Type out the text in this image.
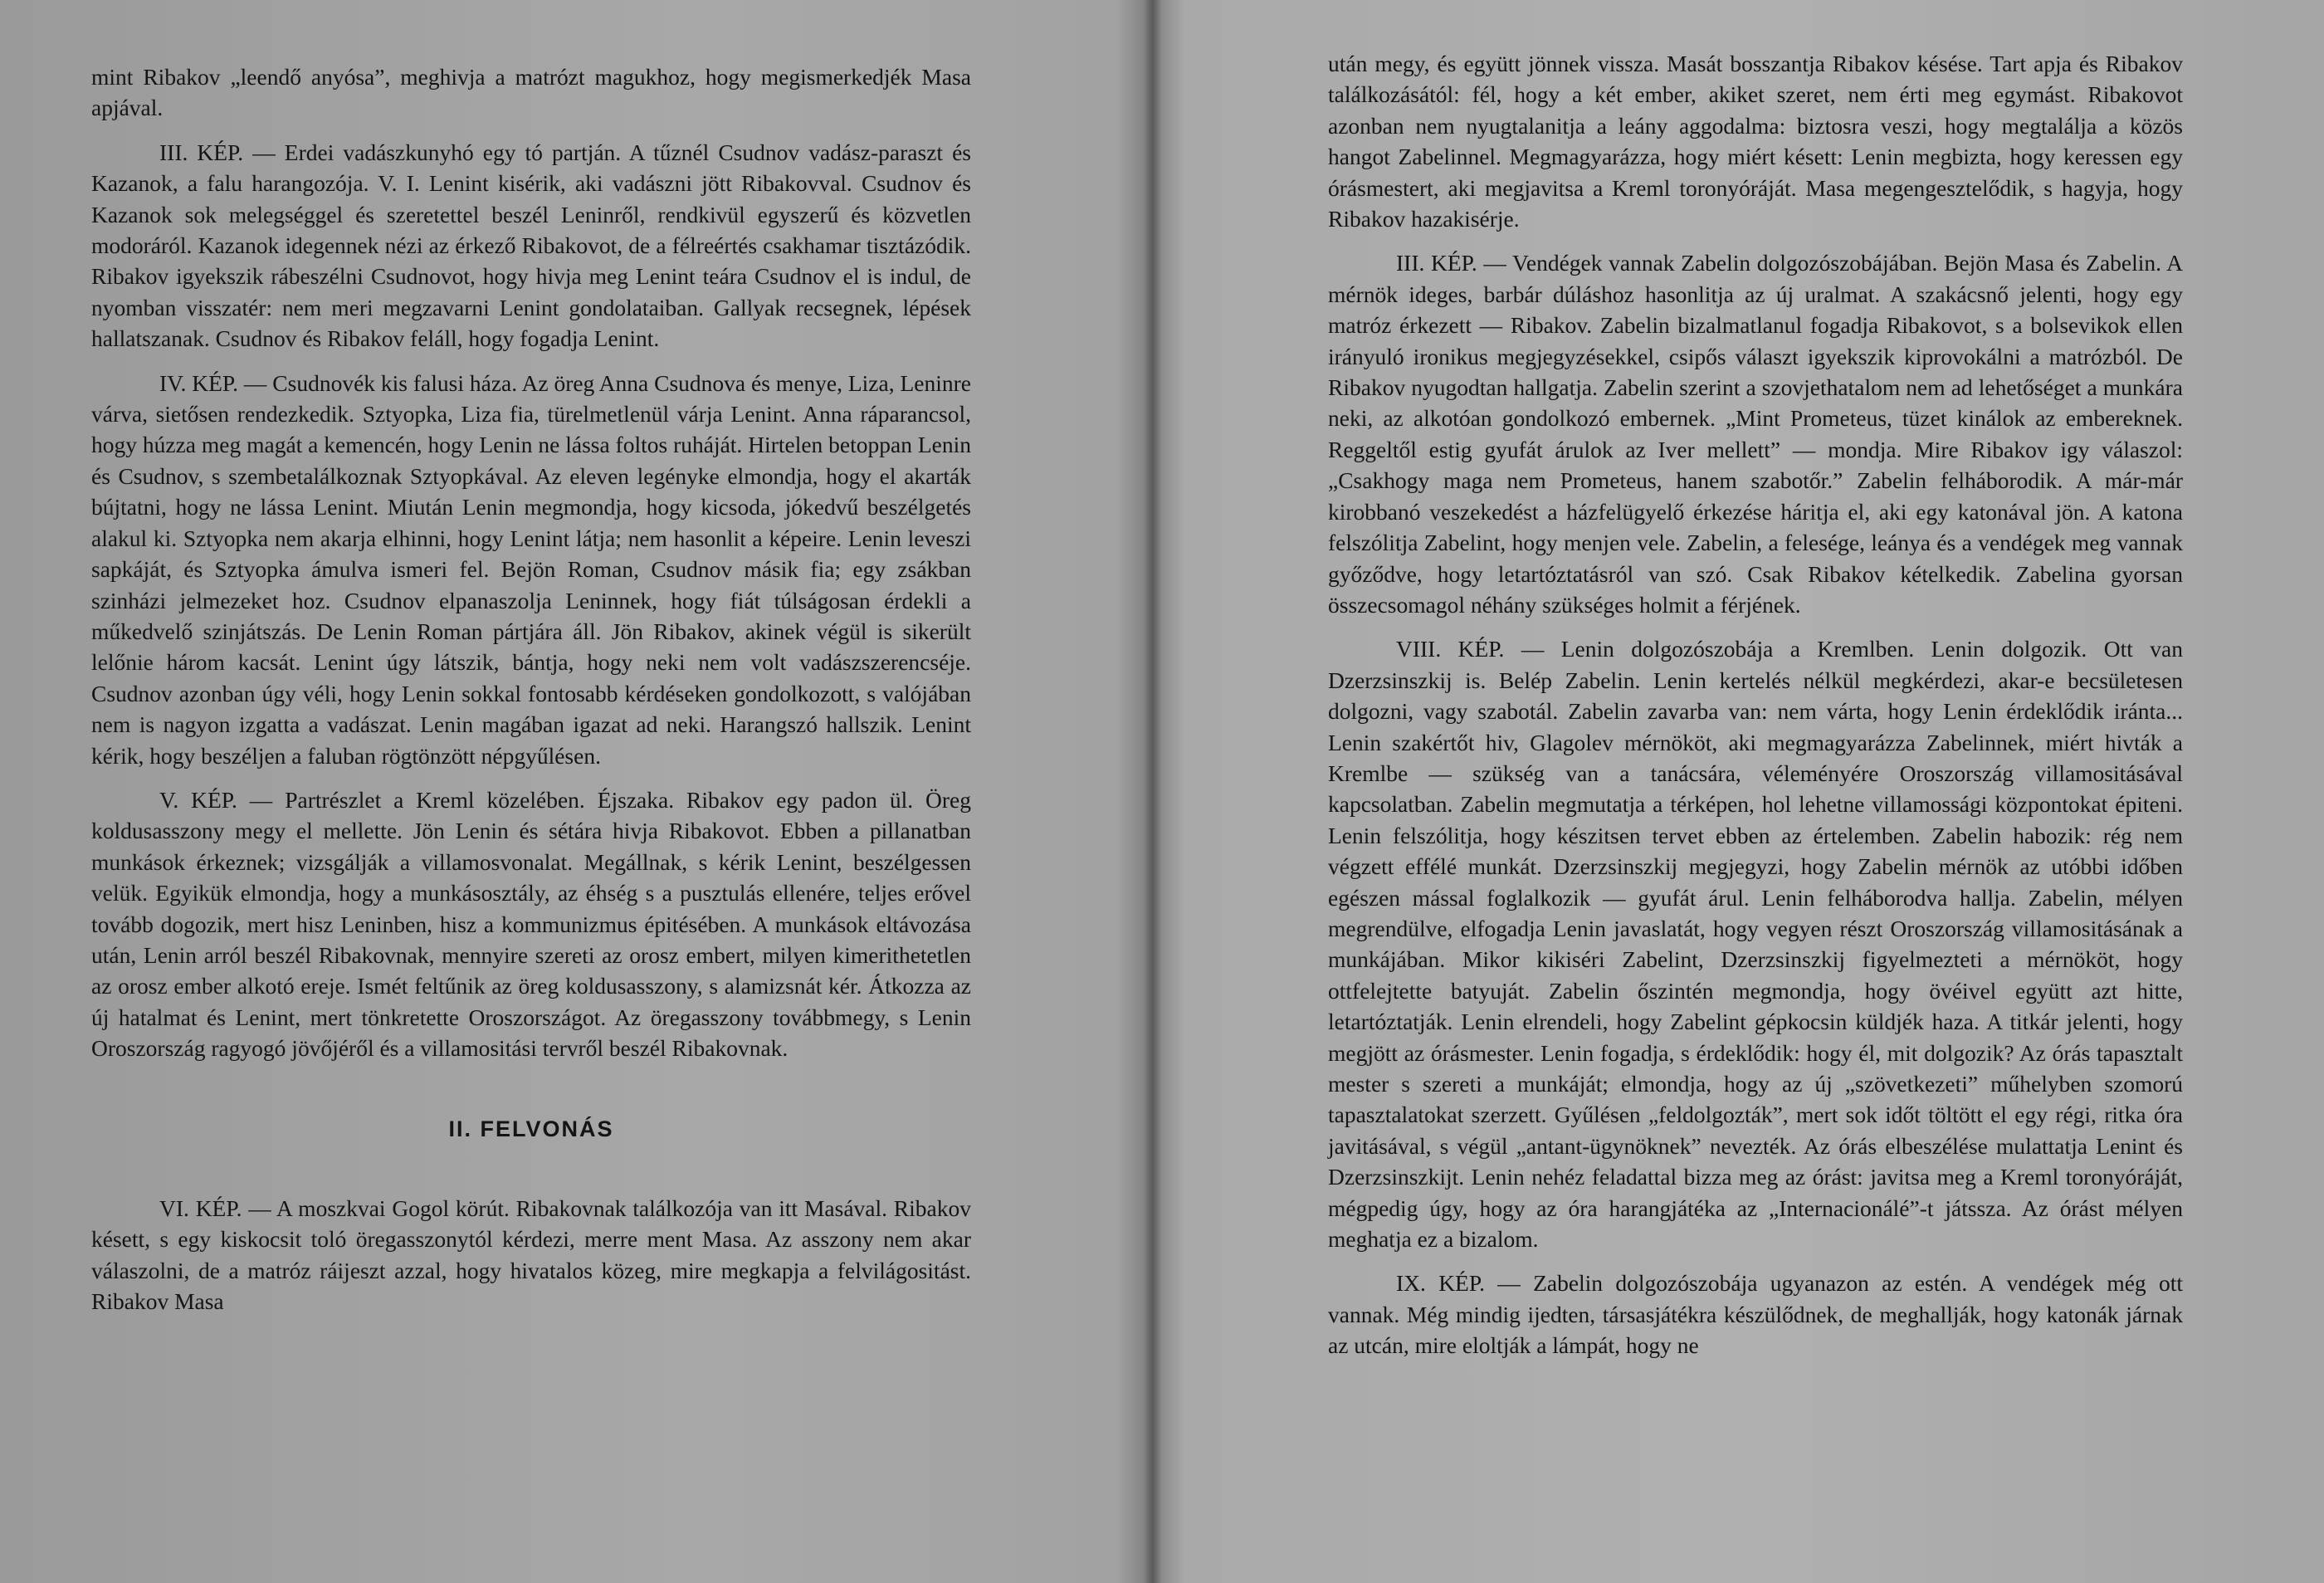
mint Ribakov „leendő anyósa”, meghivja a matrózt magukhoz, hogy megismerkedjék Masa apjával.

III. KÉP. — Erdei vadászkunyhó egy tó partján. A tűznél Csudnov vadász-paraszt és Kazanok, a falu harangozója. V. I. Lenint kisérik, aki vadászni jött Ribakovval. Csudnov és Kazanok sok melegséggel és szeretettel beszél Leninről, rendkivül egyszerű és közvetlen modoráról. Kazanok idegennek nézi az érkező Ribakovot, de a félreértés csakhamar tisztázódik. Ribakov igyekszik rábeszélni Csudnovot, hogy hivja meg Lenint teára Csudnov el is indul, de nyomban visszatér: nem meri megzavarni Lenint gondolataiban. Gallyak recsegnek, lépések hallatszanak. Csudnov és Ribakov feláll, hogy fogadja Lenint.

IV. KÉP. — Csudnovék kis falusi háza. Az öreg Anna Csudnova és menye, Liza, Leninre várva, sietősen rendezkedik. Sztyopka, Liza fia, türelmetlenül várja Lenint. Anna ráparancsol, hogy húzza meg magát a kemencén, hogy Lenin ne lássa foltos ruháját. Hirtelen betoppan Lenin és Csudnov, s szembetalálkoznak Sztyopkával. Az eleven legényke elmondja, hogy el akarták bújtatni, hogy ne lássa Lenint. Miután Lenin megmondja, hogy kicsoda, jókedvű beszélgetés alakul ki. Sztyopka nem akarja elhinni, hogy Lenint látja; nem hasonlit a képeire. Lenin leveszi sapkáját, és Sztyopka ámulva ismeri fel. Bejön Roman, Csudnov másik fia; egy zsákban szinházi jelmezeket hoz. Csudnov elpanaszolja Leninnek, hogy fiát túlságosan érdekli a műkedvelő szinjátszás. De Lenin Roman pártjára áll. Jön Ribakov, akinek végül is sikerült lelőnie három kacsát. Lenint úgy látszik, bántja, hogy neki nem volt vadászszerencséje. Csudnov azonban úgy véli, hogy Lenin sokkal fontosabb kérdéseken gondolkozott, s valójában nem is nagyon izgatta a vadászat. Lenin magában igazat ad neki. Harangszó hallszik. Lenint kérik, hogy beszéljen a faluban rögtönzött népgyűlésen.

V. KÉP. — Partrészlet a Kreml közelében. Éjszaka. Ribakov egy padon ül. Öreg koldusasszony megy el mellette. Jön Lenin és sétára hivja Ribakovot. Ebben a pillanatban munkások érkeznek; vizsgálják a villamosvonalat. Megállnak, s kérik Lenint, beszélgessen velük. Egyikük elmondja, hogy a munkásosztály, az éhség s a pusztulás ellenére, teljes erővel tovább dogozik, mert hisz Leninben, hisz a kommunizmus épitésében. A munkások eltávozása után, Lenin arról beszél Ribakovnak, mennyire szereti az orosz embert, milyen kimerithetetlen az orosz ember alkotó ereje. Ismét feltűnik az öreg koldusasszony, s alamizsnát kér. Átkozza az új hatalmat és Lenint, mert tönkretette Oroszországot. Az öregasszony továbbmegy, s Lenin Oroszország ragyogó jövőjéről és a villamositási tervről beszél Ribakovnak.

II. FELVONÁS

VI. KÉP. — A moszkvai Gogol körút. Ribakovnak találkozója van itt Masával. Ribakov késett, s egy kiskocsit toló öregasszonytól kérdezi, merre ment Masa. Az asszony nem akar válaszolni, de a matróz ráijeszt azzal, hogy hivatalos közeg, mire megkapja a felvilágositást. Ribakov Masa

után megy, és együtt jönnek vissza. Masát bosszantja Ribakov késése. Tart apja és Ribakov találkozásától: fél, hogy a két ember, akiket szeret, nem érti meg egymást. Ribakovot azonban nem nyugtalanitja a leány aggodalma: biztosra veszi, hogy megtalálja a közös hangot Zabelinnel. Megmagyarázza, hogy miért késett: Lenin megbizta, hogy keressen egy órásmestert, aki megjavitsa a Kreml toronyóráját. Masa megengesztelődik, s hagyja, hogy Ribakov hazakisérje.

III. KÉP. — Vendégek vannak Zabelin dolgozószobájában. Bejön Masa és Zabelin. A mérnök ideges, barbár dúláshoz hasonlitja az új uralmat. A szakácsnő jelenti, hogy egy matróz érkezett — Ribakov. Zabelin bizalmatlanul fogadja Ribakovot, s a bolsevikok ellen irányuló ironikus megjegyzésekkel, csipős választ igyekszik kiprovokálni a matrózból. De Ribakov nyugodtan hallgatja. Zabelin szerint a szovjethatalom nem ad lehetőséget a munkára neki, az alkotóan gondolkozó embernek. „Mint Prometeus, tüzet kinálok az embereknek. Reggeltől estig gyufát árulok az Iver mellett” — mondja. Mire Ribakov igy válaszol: „Csakhogy maga nem Prometeus, hanem szabotőr.” Zabelin felháborodik. A már-már kirobbanó veszekedést a házfelügyelő érkezése háritja el, aki egy katonával jön. A katona felszólitja Zabelint, hogy menjen vele. Zabelin, a felesége, leánya és a vendégek meg vannak győződve, hogy letartóztatásról van szó. Csak Ribakov kételkedik. Zabelina gyorsan összecsomagol néhány szükséges holmit a férjének.

VIII. KÉP. — Lenin dolgozószobája a Kremlben. Lenin dolgozik. Ott van Dzerzsinszkij is. Belép Zabelin. Lenin kertelés nélkül megkérdezi, akar-e becsületesen dolgozni, vagy szabotál. Zabelin zavarba van: nem várta, hogy Lenin érdeklődik iránta... Lenin szakértőt hiv, Glagolev mérnököt, aki megmagyarázza Zabelinnek, miért hivták a Kremlbe — szükség van a tanácsára, véleményére Oroszország villamositásával kapcsolatban. Zabelin megmutatja a térképen, hol lehetne villamossági központokat épiteni. Lenin felszólitja, hogy készitsen tervet ebben az értelemben. Zabelin habozik: rég nem végzett effélé munkát. Dzerzsinszkij megjegyzi, hogy Zabelin mérnök az utóbbi időben egészen mással foglalkozik — gyufát árul. Lenin felháborodva hallja. Zabelin, mélyen megrendülve, elfogadja Lenin javaslatát, hogy vegyen részt Oroszország villamositásának a munkájában. Mikor kikiséri Zabelint, Dzerzsinszkij figyelmezteti a mérnököt, hogy ottfelejtette batyuját. Zabelin őszintén megmondja, hogy övéivel együtt azt hitte, letartóztatják. Lenin elrendeli, hogy Zabelint gépkocsin küldjék haza. A titkár jelenti, hogy megjött az órásmester. Lenin fogadja, s érdeklődik: hogy él, mit dolgozik? Az órás tapasztalt mester s szereti a munkáját; elmondja, hogy az új „szövetkezeti” műhelyben szomorú tapasztalatokat szerzett. Gyűlésen „feldolgozták”, mert sok időt töltött el egy régi, ritka óra javitásával, s végül „antant-ügynöknek” nevezték. Az órás elbeszélése mulattatja Lenint és Dzerzsinszkijt. Lenin nehéz feladattal bizza meg az órást: javitsa meg a Kreml toronyóráját, mégpedig úgy, hogy az óra harangjátéka az „Internacionálé”-t játssza. Az órást mélyen meghatja ez a bizalom.

IX. KÉP. — Zabelin dolgozószobája ugyanazon az estén. A vendégek még ott vannak. Még mindig ijedten, társasjátékra készülődnek, de meghallják, hogy katonák járnak az utcán, mire eloltják a lámpát, hogy ne
